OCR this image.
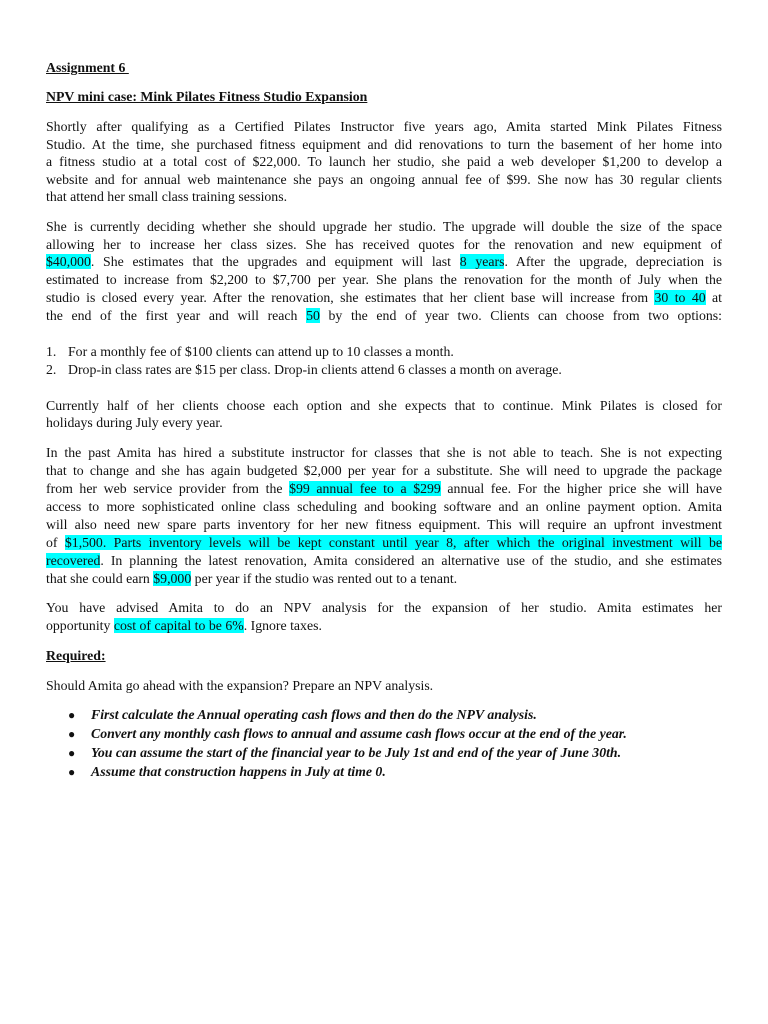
Assignment 6
NPV mini case: Mink Pilates Fitness Studio Expansion
Shortly after qualifying as a Certified Pilates Instructor five years ago, Amita started Mink Pilates Fitness
Studio. At the time, she purchased fitness equipment and did renovations to turn the basement of her home into
a fitness studio at a total cost of $22,000. To launch her studio, she paid a web developer $1,200 to develop a
website and for annual web maintenance she pays an ongoing annual fee of $99. She now has 30 regular clients
that attend her small class training sessions.
She is currently deciding whether she should upgrade her studio. The upgrade will double the size of the space
allowing her to increase her class sizes. She has received quotes for the renovation and new equipment of
$40,000. She estimates that the upgrades and equipment will last 8 years. After the upgrade, depreciation is
estimated to increase from $2,200 to $7,700 per year. She plans the renovation for the month of July when the
studio is closed every year. After the renovation, she estimates that her client base will increase from 30 to 40 at
the end of the first year and will reach 50 by the end of year two. Clients can choose from two options:
1. For a monthly fee of $100 clients can attend up to 10 classes a month.
2. Drop-in class rates are $15 per class. Drop-in clients attend 6 classes a month on average.
Currently half of her clients choose each option and she expects that to continue. Mink Pilates is closed for
holidays during July every year.
In the past Amita has hired a substitute instructor for classes that she is not able to teach. She is not expecting
that to change and she has again budgeted $2,000 per year for a substitute. She will need to upgrade the package
from her web service provider from the $99 annual fee to a $299 annual fee. For the higher price she will have
access to more sophisticated online class scheduling and booking software and an online payment option. Amita
will also need new spare parts inventory for her new fitness equipment. This will require an upfront investment
of $1,500. Parts inventory levels will be kept constant until year 8, after which the original investment will be
recovered. In planning the latest renovation, Amita considered an alternative use of the studio, and she estimates
that she could earn $9,000 per year if the studio was rented out to a tenant.
You have advised Amita to do an NPV analysis for the expansion of her studio. Amita estimates her
opportunity cost of capital to be 6%. Ignore taxes.
Required:
Should Amita go ahead with the expansion? Prepare an NPV analysis.
● First calculate the Annual operating cash flows and then do the NPV analysis.
● Convert any monthly cash flows to annual and assume cash flows occur at the end of the year.
● You can assume the start of the financial year to be July 1st and end of the year of June 30th.
● Assume that construction happens in July at time 0.
